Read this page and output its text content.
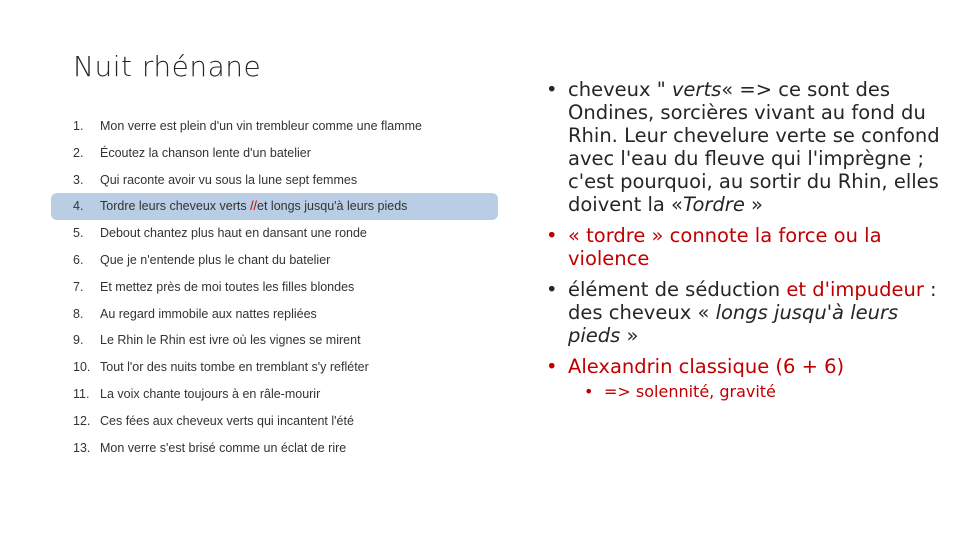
Nuit rhénane
1. Mon verre est plein d'un vin trembleur comme une flamme
2. Écoutez la chanson lente d'un batelier
3. Qui raconte avoir vu sous la lune sept femmes
4. Tordre leurs cheveux verts //et longs jusqu'à leurs pieds
5. Debout chantez plus haut en dansant une ronde
6. Que je n'entende plus le chant du batelier
7. Et mettez près de moi toutes les filles blondes
8. Au regard immobile aux nattes repliées
9. Le Rhin le Rhin est ivre où les vignes se mirent
10. Tout l'or des nuits tombe en tremblant s'y refléter
11. La voix chante toujours à en râle-mourir
12. Ces fées aux cheveux verts qui incantent l'été
13. Mon verre s'est brisé comme un éclat de rire
• cheveux " verts« => ce sont des Ondines, sorcières vivant au fond du Rhin. Leur chevelure verte se confond avec l'eau du fleuve qui l'imprègne ; c'est pourquoi, au sortir du Rhin, elles doivent la «Tordre »
• « tordre » connote la force ou la violence
• élément de séduction et d'impudeur : des cheveux « longs jusqu'à leurs pieds »
• Alexandrin classique (6 + 6)
• => solennité, gravité
